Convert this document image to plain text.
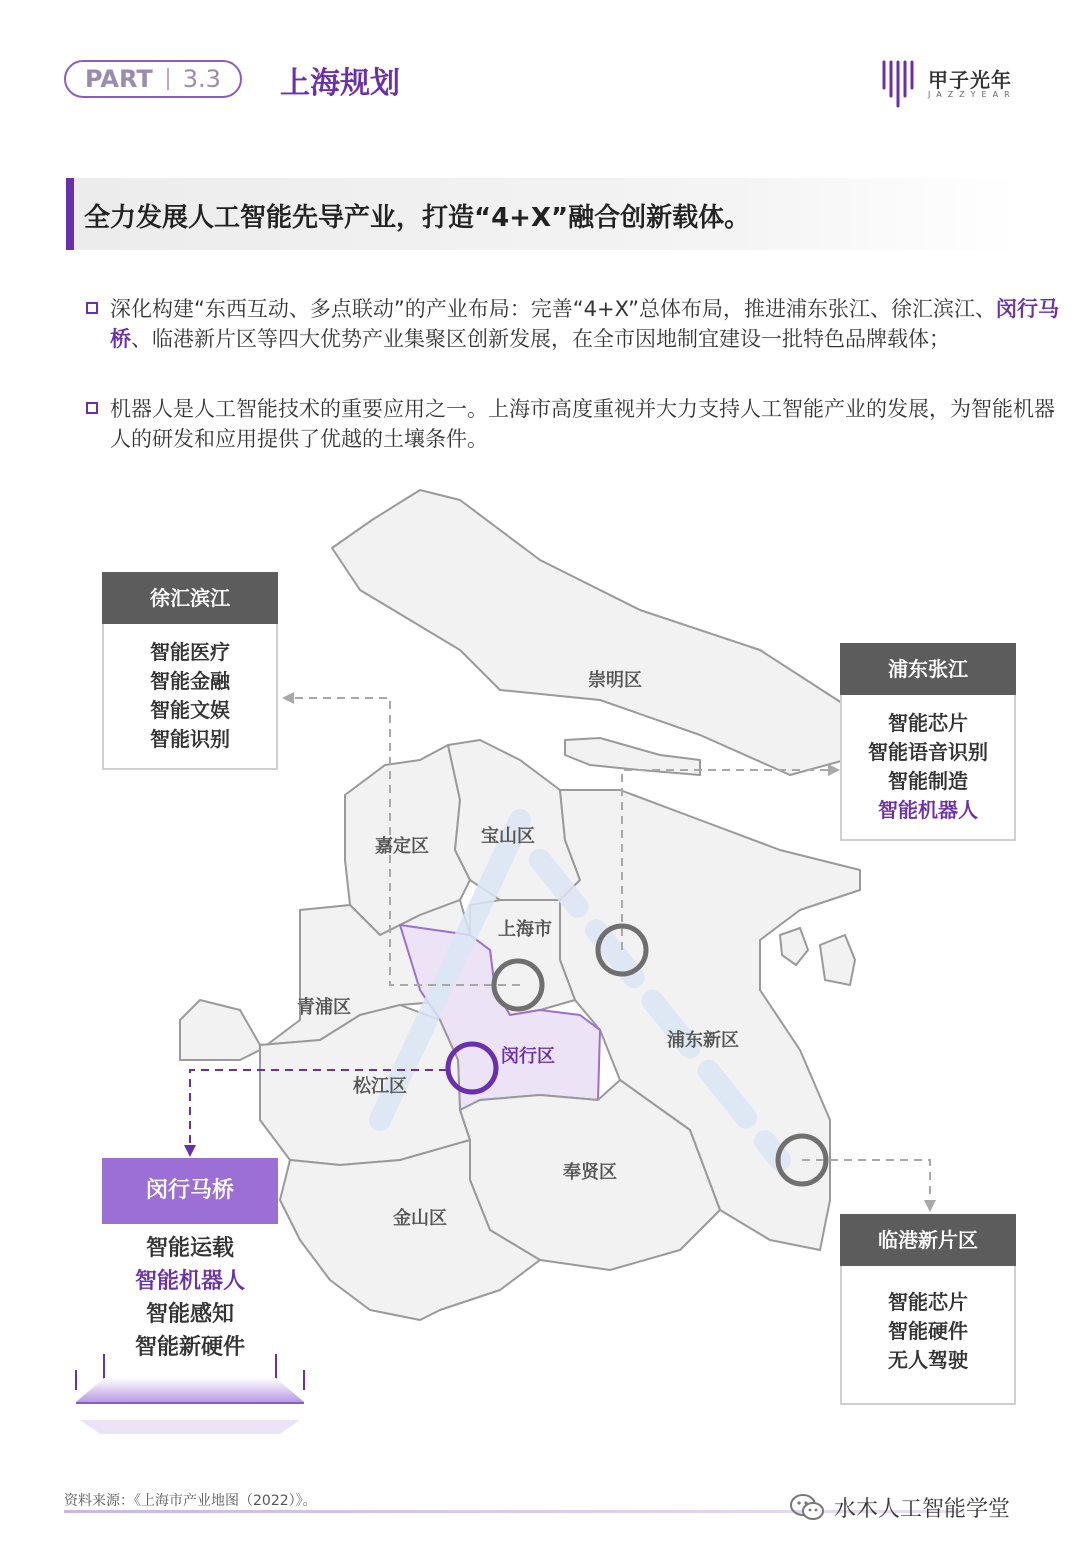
PART 3.3 上海规划	甲子光年
JAZZYEAR
全力发展人工智能先导产业，打造“4+X”融合创新载体。
深化构建“东西互动、多点联动”的产业布局：完善“4+X”总体布局，推进浦东张江、徐汇滨江、闵行马桥、临港新片区等四大优势产业集聚区创新发展，在全市因地制宜建设一批特色品牌载体；
机器人是人工智能技术的重要应用之一。上海市高度重视并大力支持人工智能产业的发展，为智能机器人的研发和应用提供了优越的土壤条件。
崇明区
嘉定区	宝山区
上海市
青浦区
闵行区
浦东新区
松江区
奉贤区
金山区
徐汇滨江
智能医疗
智能金融
智能文娱
智能识别
浦东张江
智能芯片
智能语音识别
智能制造
智能机器人
临港新片区
智能芯片
智能硬件
无人驾驶
闵行马桥
智能运载
智能机器人
智能感知
智能新硬件
资料来源：《上海市产业地图（2022）》。	水木人工智能学堂
